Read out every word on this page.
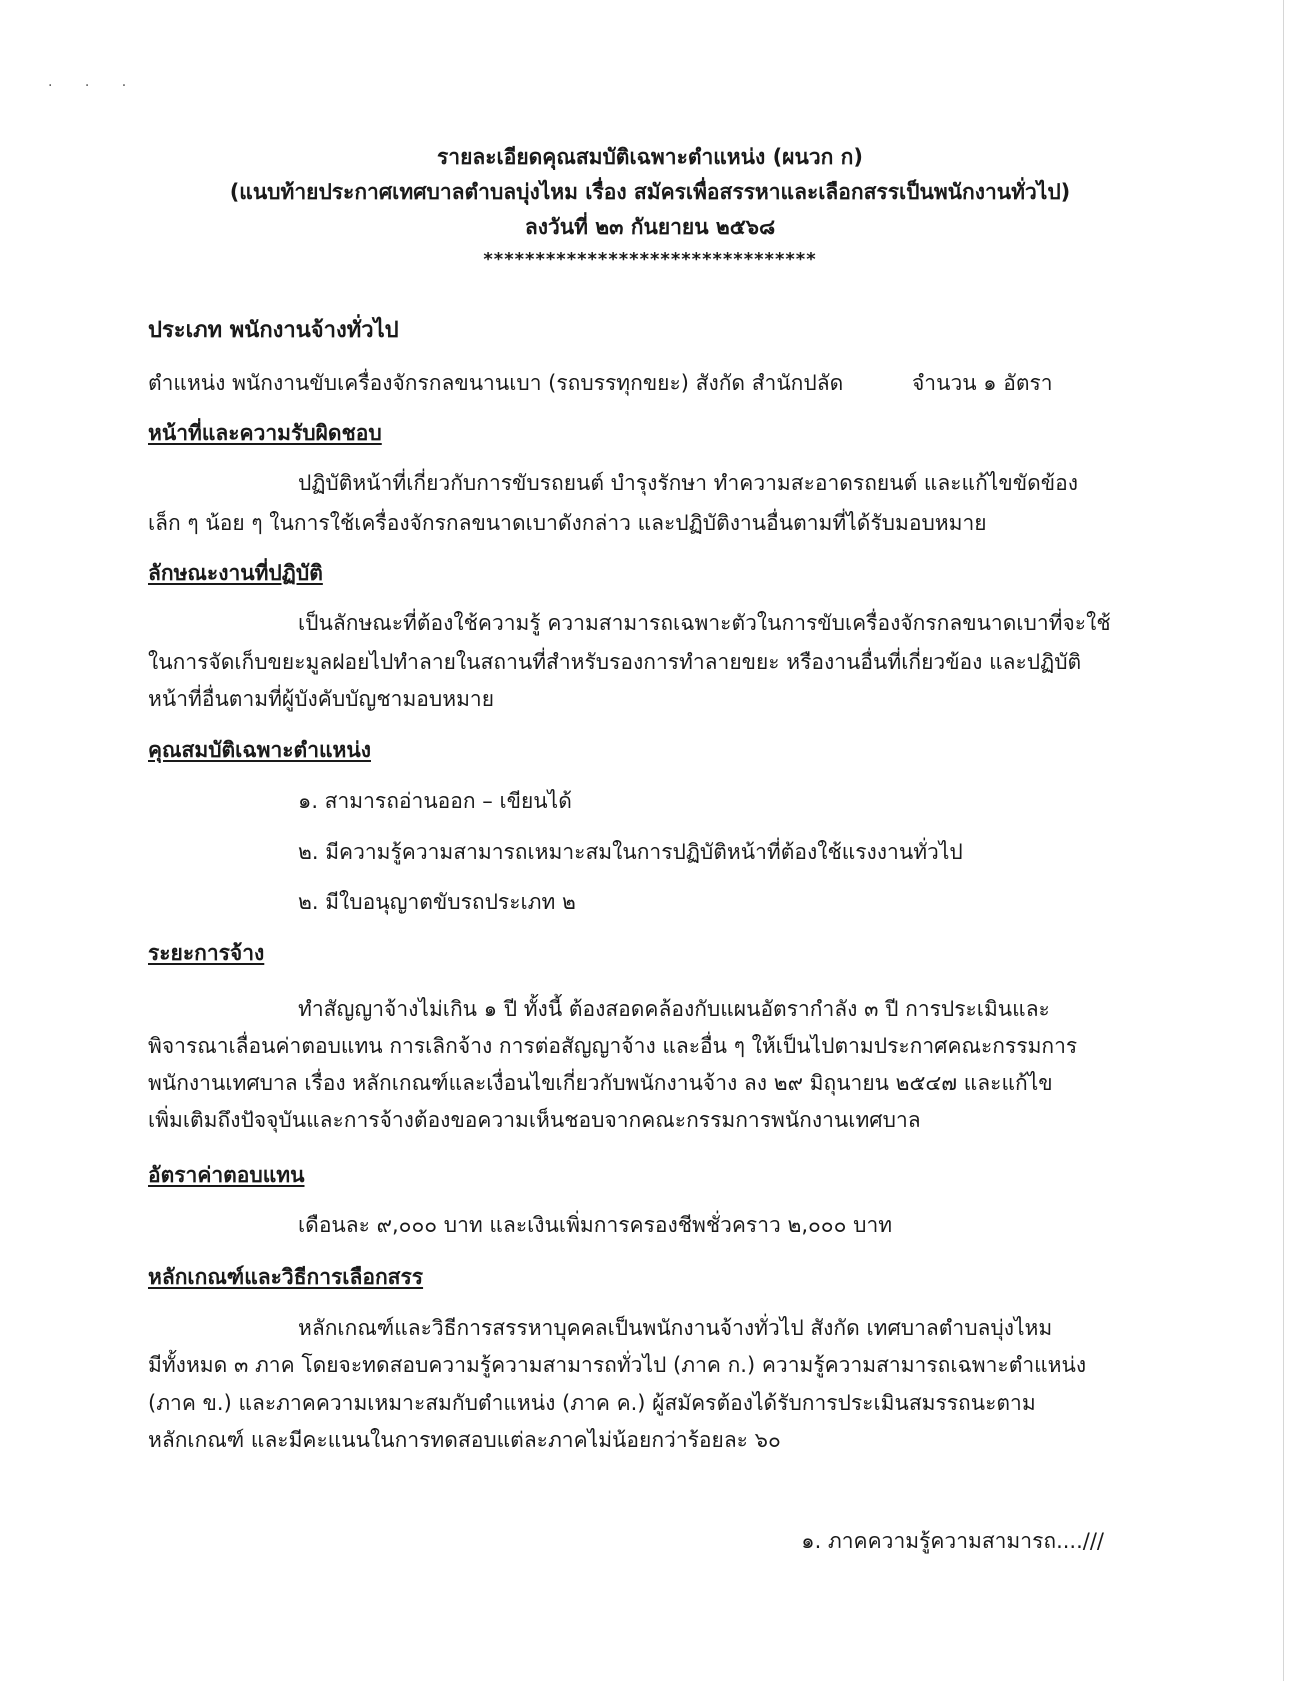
· · ·
รายละเอียดคุณสมบัติเฉพาะตำแหน่ง (ผนวก ก)
(แนบท้ายประกาศเทศบาลตำบลบุ่งไหม เรื่อง สมัครเพื่อสรรหาและเลือกสรรเป็นพนักงานทั่วไป)
ลงวันที่ ๒๓ กันยายน ๒๕๖๘
********************************
ประเภท พนักงานจ้างทั่วไป
ตำแหน่ง พนักงานขับเครื่องจักรกลขนานเบา (รถบรรทุกขยะ) สังกัด สำนักปลัด	จำนวน ๑ อัตรา
หน้าที่และความรับผิดชอบ
ปฏิบัติหน้าที่เกี่ยวกับการขับรถยนต์ บำรุงรักษา ทำความสะอาดรถยนต์ และแก้ไขขัดข้อง
เล็ก ๆ น้อย ๆ ในการใช้เครื่องจักรกลขนาดเบาดังกล่าว และปฏิบัติงานอื่นตามที่ได้รับมอบหมาย
ลักษณะงานที่ปฏิบัติ
เป็นลักษณะที่ต้องใช้ความรู้ ความสามารถเฉพาะตัวในการขับเครื่องจักรกลขนาดเบาที่จะใช้
ในการจัดเก็บขยะมูลฝอยไปทำลายในสถานที่สำหรับรองการทำลายขยะ หรืองานอื่นที่เกี่ยวข้อง และปฏิบัติ
หน้าที่อื่นตามที่ผู้บังคับบัญชามอบหมาย
คุณสมบัติเฉพาะตำแหน่ง
๑. สามารถอ่านออก – เขียนได้
๒. มีความรู้ความสามารถเหมาะสมในการปฏิบัติหน้าที่ต้องใช้แรงงานทั่วไป
๒. มีใบอนุญาตขับรถประเภท ๒
ระยะการจ้าง
ทำสัญญาจ้างไม่เกิน ๑ ปี ทั้งนี้ ต้องสอดคล้องกับแผนอัตรากำลัง ๓ ปี การประเมินและ
พิจารณาเลื่อนค่าตอบแทน การเลิกจ้าง การต่อสัญญาจ้าง และอื่น ๆ ให้เป็นไปตามประกาศคณะกรรมการ
พนักงานเทศบาล เรื่อง หลักเกณฑ์และเงื่อนไขเกี่ยวกับพนักงานจ้าง ลง ๒๙ มิถุนายน ๒๕๔๗ และแก้ไข
เพิ่มเติมถึงปัจจุบันและการจ้างต้องขอความเห็นชอบจากคณะกรรมการพนักงานเทศบาล
อัตราค่าตอบแทน
เดือนละ ๙,๐๐๐ บาท และเงินเพิ่มการครองชีพชั่วคราว ๒,๐๐๐ บาท
หลักเกณฑ์และวิธีการเลือกสรร
หลักเกณฑ์และวิธีการสรรหาบุคคลเป็นพนักงานจ้างทั่วไป สังกัด เทศบาลตำบลบุ่งไหม
มีทั้งหมด ๓ ภาค โดยจะทดสอบความรู้ความสามารถทั่วไป (ภาค ก.) ความรู้ความสามารถเฉพาะตำแหน่ง
(ภาค ข.) และภาคความเหมาะสมกับตำแหน่ง (ภาค ค.) ผู้สมัครต้องได้รับการประเมินสมรรถนะตาม
หลักเกณฑ์ และมีคะแนนในการทดสอบแต่ละภาคไม่น้อยกว่าร้อยละ ๖๐
๑. ภาคความรู้ความสามารถ....///
